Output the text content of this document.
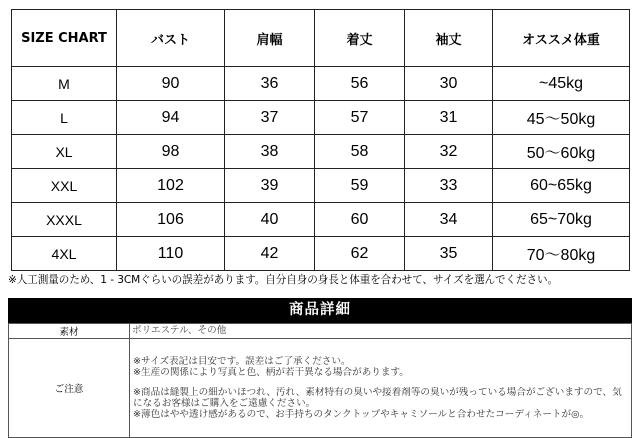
SIZE CHART	バスト	肩幅	着丈	袖丈	オススメ体重
M	90	36	56	30	~45kg
L	94	37	57	31	45～50kg
XL	98	38	58	32	50～60kg
XXL	102	39	59	33	60~65kg
XXXL	106	40	60	34	65~70kg
4XL	110	42	62	35	70～80kg
※人工測量のため、1 - 3CMぐらいの誤差があります。自分自身の身長と体重を合わせて、サイズを選んでください。
商品詳細
素材	ポリエステル、その他
ご注意	※サイズ表記は目安です。誤差はご了承ください。
※生産の関係により写真と色、柄が若干異なる場合があります。
※商品は縫製上の細かいほつれ、汚れ、素材特有の臭いや接着剤等の臭いが残っている場合がございますので、気になるお客様はご購入をご遠慮ください。
※薄色はやや透け感があるので、お手持ちのタンクトップやキャミソールと合わせたコーディネートが◎。
